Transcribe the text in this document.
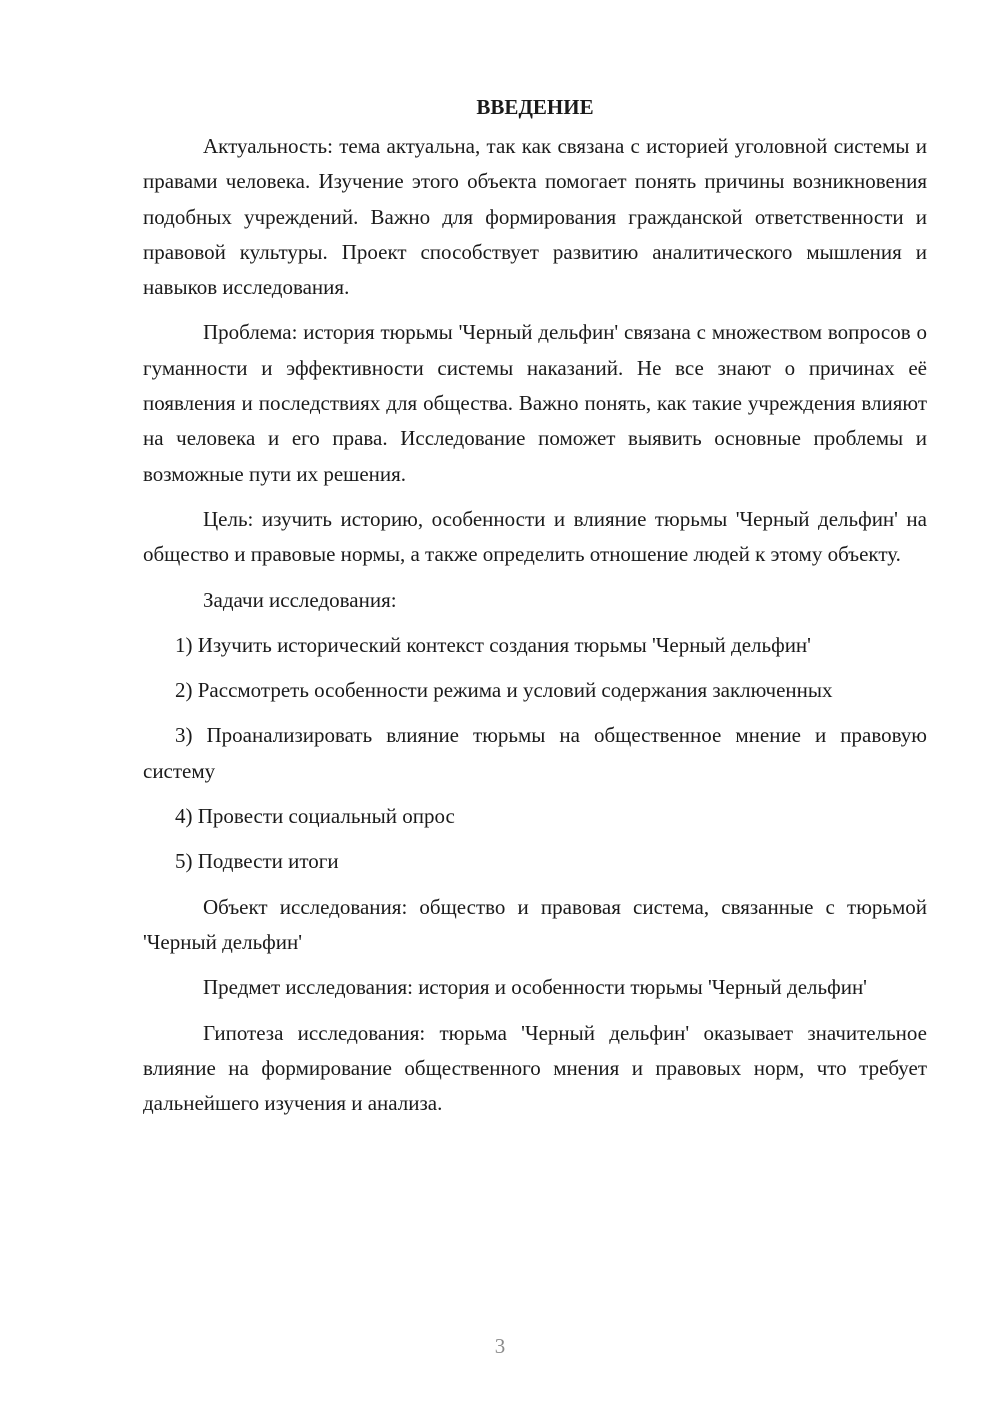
ВВЕДЕНИЕ

Актуальность: тема актуальна, так как связана с историей уголовной системы и правами человека. Изучение этого объекта помогает понять причины возникновения подобных учреждений. Важно для формирования гражданской ответственности и правовой культуры. Проект способствует развитию аналитического мышления и навыков исследования.

Проблема: история тюрьмы 'Черный дельфин' связана с множеством вопросов о гуманности и эффективности системы наказаний. Не все знают о причинах её появления и последствиях для общества. Важно понять, как такие учреждения влияют на человека и его права. Исследование поможет выявить основные проблемы и возможные пути их решения.

Цель: изучить историю, особенности и влияние тюрьмы 'Черный дельфин' на общество и правовые нормы, а также определить отношение людей к этому объекту.

Задачи исследования:

1) Изучить исторический контекст создания тюрьмы 'Черный дельфин'

2) Рассмотреть особенности режима и условий содержания заключенных

3) Проанализировать влияние тюрьмы на общественное мнение и правовую систему

4) Провести социальный опрос

5) Подвести итоги

Объект исследования: общество и правовая система, связанные с тюрьмой 'Черный дельфин'

Предмет исследования: история и особенности тюрьмы 'Черный дельфин'

Гипотеза исследования: тюрьма 'Черный дельфин' оказывает значительное влияние на формирование общественного мнения и правовых норм, что требует дальнейшего изучения и анализа.

3
